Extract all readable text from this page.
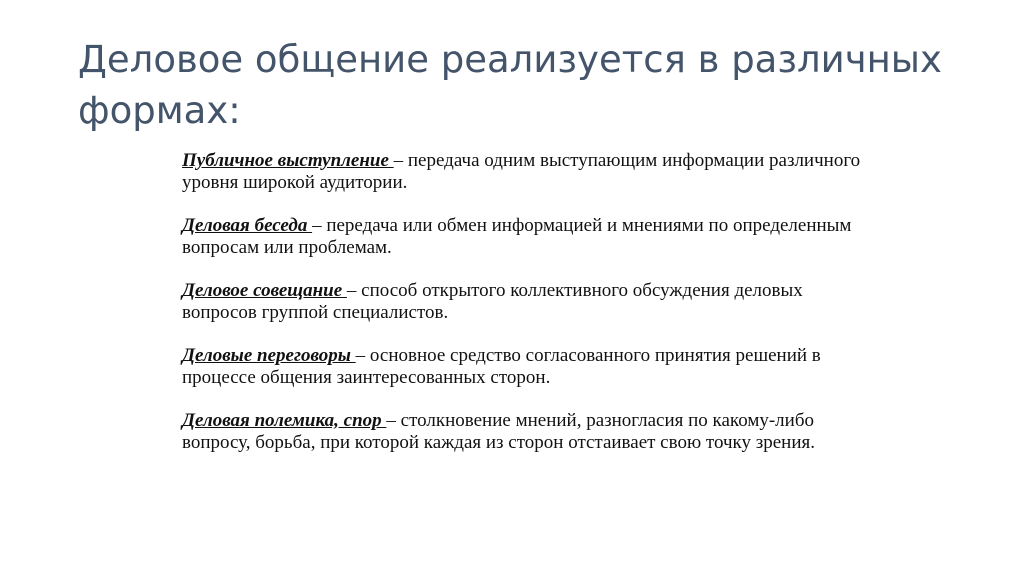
Деловое общение реализуется в различных формах:

Публичное выступление – передача одним выступающим информации различного уровня широкой аудитории.

Деловая беседа – передача или обмен информацией и мнениями по определенным вопросам или проблемам.

Деловое совещание – способ открытого коллективного обсуждения деловых вопросов группой специалистов.

Деловые переговоры – основное средство согласованного принятия решений в процессе общения заинтересованных сторон.

Деловая полемика, спор – столкновение мнений, разногласия по какому-либо вопросу, борьба, при которой каждая из сторон отстаивает свою точку зрения.
